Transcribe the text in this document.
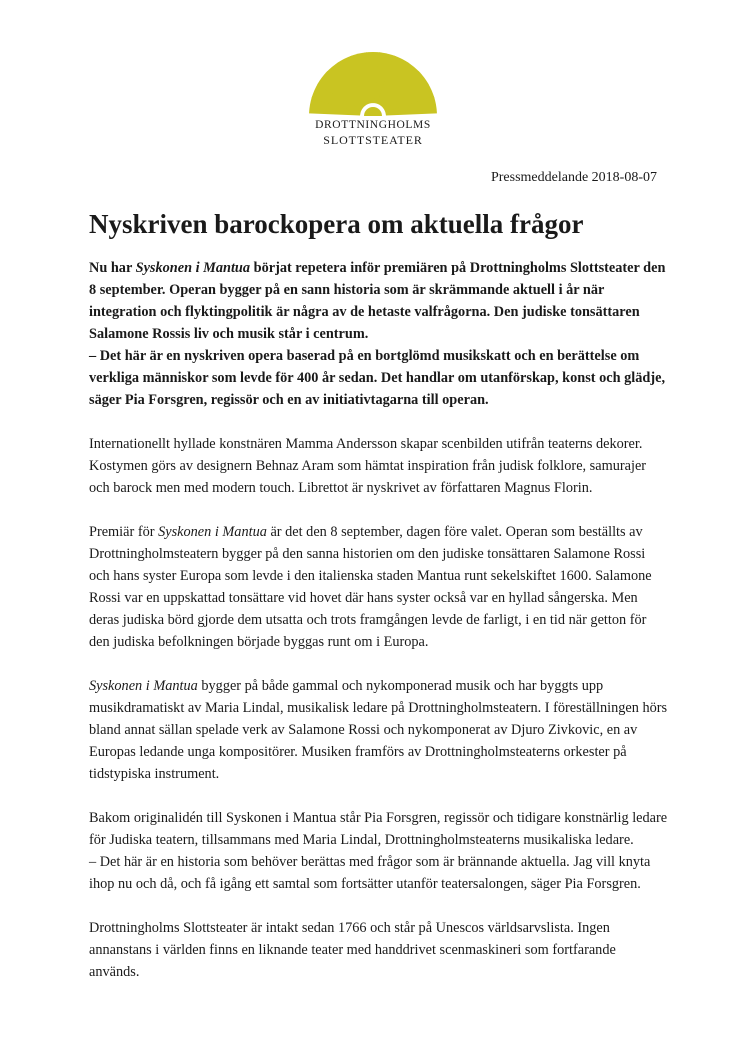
DROTTNINGHOLMS
SLOTTSTEATER
Pressmeddelande 2018-08-07
Nyskriven barockopera om aktuella frågor

Nu har Syskonen i Mantua börjat repetera inför premiären på Drottningholms Slottsteater den 8 september. Operan bygger på en sann historia som är skrämmande aktuell i år när integration och flyktingpolitik är några av de hetaste valfrågorna. Den judiske tonsättaren Salamone Rossis liv och musik står i centrum.

– Det här är en nyskriven opera baserad på en bortglömd musikskatt och en berättelse om verkliga människor som levde för 400 år sedan. Det handlar om utanförskap, konst och glädje, säger Pia Forsgren, regissör och en av initiativtagarna till operan.

Internationellt hyllade konstnären Mamma Andersson skapar scenbilden utifrån teaterns dekorer. Kostymen görs av designern Behnaz Aram som hämtat inspiration från judisk folklore, samurajer och barock men med modern touch. Librettot är nyskrivet av författaren Magnus Florin.

Premiär för Syskonen i Mantua är det den 8 september, dagen före valet. Operan som beställts av Drottningholmsteatern bygger på den sanna historien om den judiske tonsättaren Salamone Rossi och hans syster Europa som levde i den italienska staden Mantua runt sekelskiftet 1600. Salamone Rossi var en uppskattad tonsättare vid hovet där hans syster också var en hyllad sångerska. Men deras judiska börd gjorde dem utsatta och trots framgången levde de farligt, i en tid när getton för den judiska befolkningen började byggas runt om i Europa.

Syskonen i Mantua bygger på både gammal och nykomponerad musik och har byggts upp musikdramatiskt av Maria Lindal, musikalisk ledare på Drottningholmsteatern. I föreställningen hörs bland annat sällan spelade verk av Salamone Rossi och nykomponerat av Djuro Zivkovic, en av Europas ledande unga kompositörer. Musiken framförs av Drottningholmsteaterns orkester på tidstypiska instrument.

Bakom originalidén till Syskonen i Mantua står Pia Forsgren, regissör och tidigare konstnärlig ledare för Judiska teatern, tillsammans med Maria Lindal, Drottningholmsteaterns musikaliska ledare.

– Det här är en historia som behöver berättas med frågor som är brännande aktuella. Jag vill knyta ihop nu och då, och få igång ett samtal som fortsätter utanför teatersalongen, säger Pia Forsgren.

Drottningholms Slottsteater är intakt sedan 1766 och står på Unescos världsarvslista. Ingen annanstans i världen finns en liknande teater med handdrivet scenmaskineri som fortfarande används.
